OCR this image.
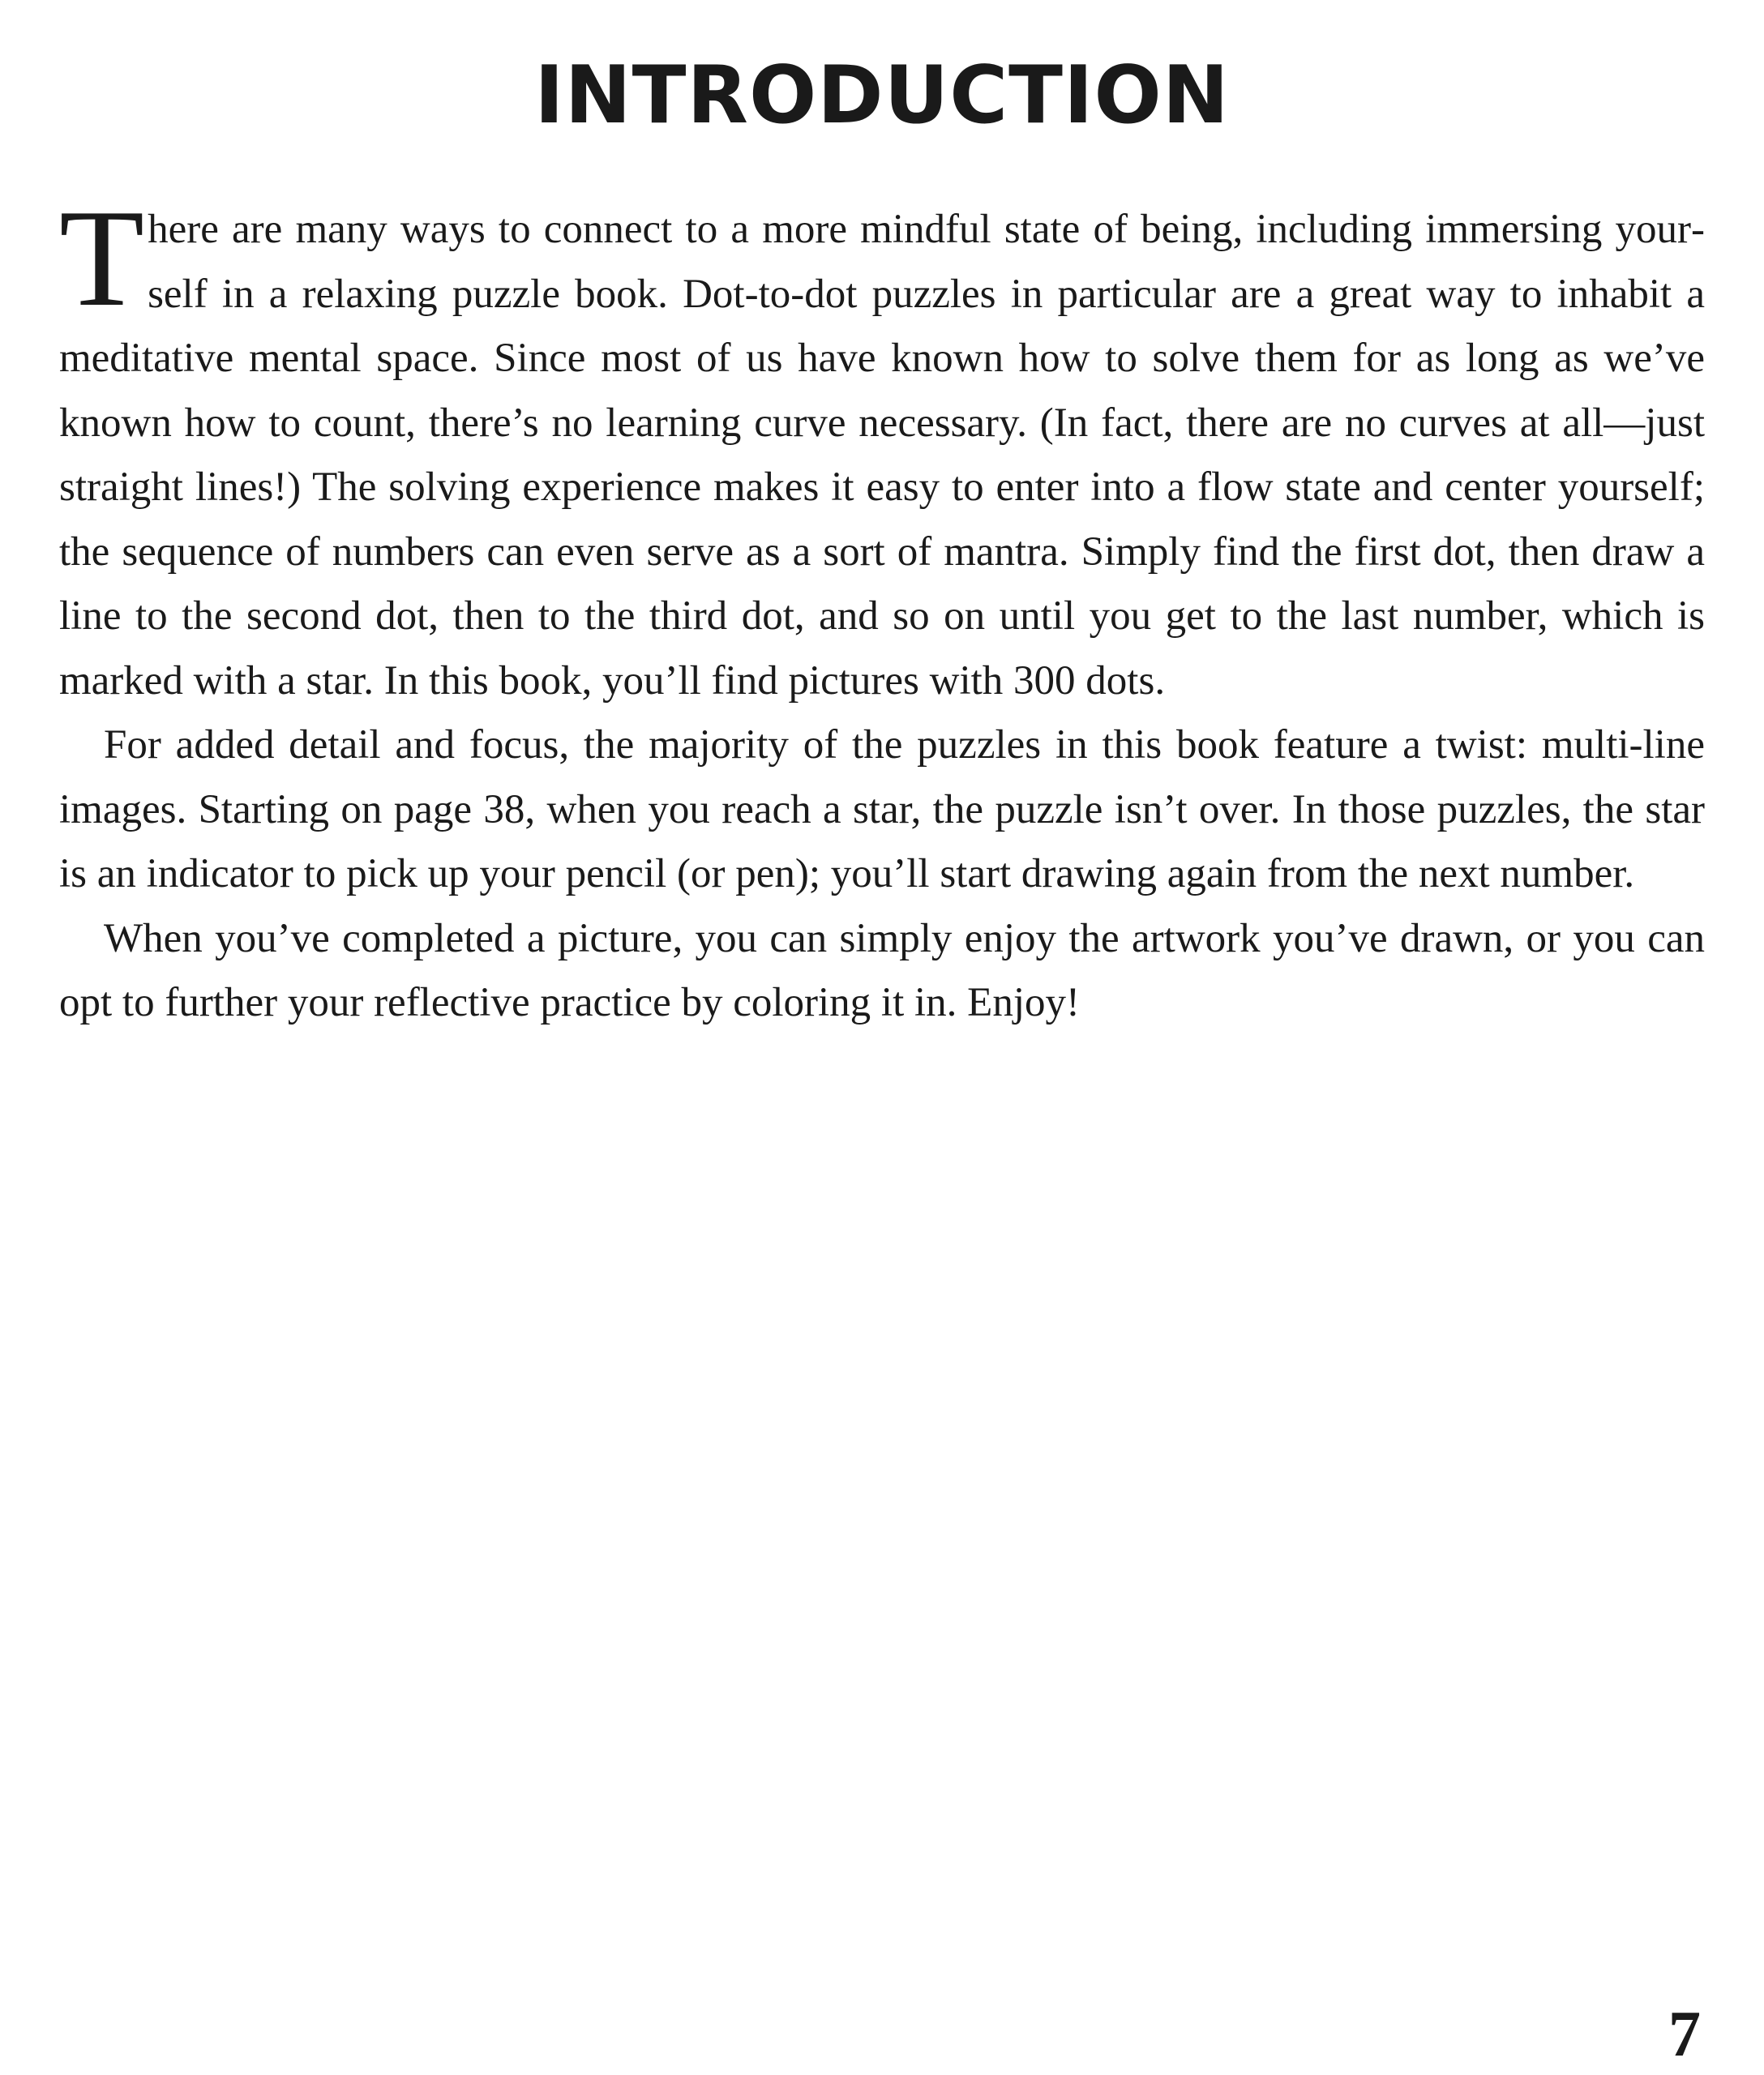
INTRODUCTION

There are many ways to connect to a more mindful state of being, including immersing yourself in a relaxing puzzle book. Dot-to-dot puzzles in particular are a great way to inhabit a meditative mental space. Since most of us have known how to solve them for as long as we’ve known how to count, there’s no learning curve necessary. (In fact, there are no curves at all—just straight lines!) The solving experience makes it easy to enter into a flow state and center yourself; the sequence of numbers can even serve as a sort of mantra. Simply find the first dot, then draw a line to the second dot, then to the third dot, and so on until you get to the last number, which is marked with a star. In this book, you’ll find pictures with 300 dots.

For added detail and focus, the majority of the puzzles in this book feature a twist: multi-line images. Starting on page 38, when you reach a star, the puzzle isn’t over. In those puzzles, the star is an indicator to pick up your pencil (or pen); you’ll start drawing again from the next number.

When you’ve completed a picture, you can simply enjoy the artwork you’ve drawn, or you can opt to further your reflective practice by coloring it in. Enjoy!

7
